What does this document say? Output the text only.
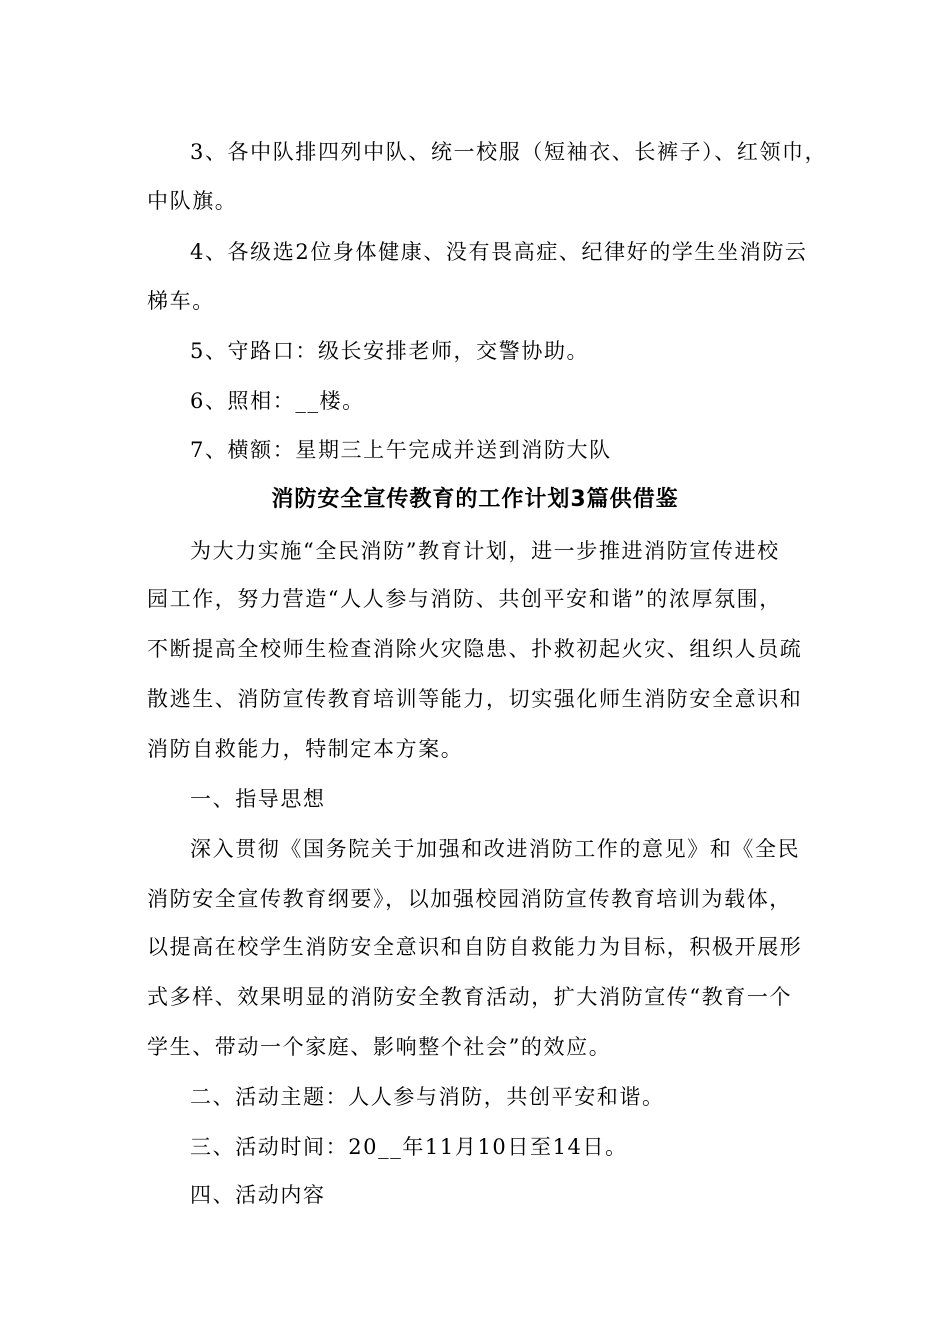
3、各中队排四列中队、统一校服（短袖衣、长裤子）、红领巾，
中队旗。
4、各级选2位身体健康、没有畏高症、纪律好的学生坐消防云
梯车。
5、守路口：级长安排老师，交警协助。
6、照相：__楼。
7、横额：星期三上午完成并送到消防大队
消防安全宣传教育的工作计划3篇供借鉴
为大力实施“全民消防”教育计划，进一步推进消防宣传进校
园工作，努力营造“人人参与消防、共创平安和谐”的浓厚氛围，
不断提高全校师生检查消除火灾隐患、扑救初起火灾、组织人员疏
散逃生、消防宣传教育培训等能力，切实强化师生消防安全意识和
消防自救能力，特制定本方案。
一、指导思想
深入贯彻《国务院关于加强和改进消防工作的意见》和《全民
消防安全宣传教育纲要》，以加强校园消防宣传教育培训为载体，
以提高在校学生消防安全意识和自防自救能力为目标，积极开展形
式多样、效果明显的消防安全教育活动，扩大消防宣传“教育一个
学生、带动一个家庭、影响整个社会”的效应。
二、活动主题：人人参与消防，共创平安和谐。
三、活动时间：20__年11月10日至14日。
四、活动内容
